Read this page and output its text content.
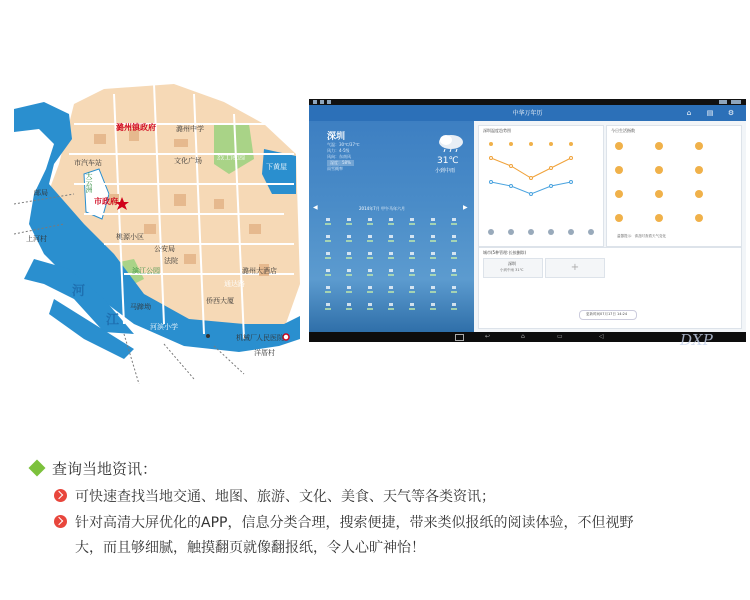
潞州镇政府	潞州中学
文化广场 烈士陵园
下黄屋
市汽车站
市政府
大云洲
上河村
邮局
公安局
法院
河
江
马蹄坳
潞州大酒店
滨江公园
河滨小学
机械厂 人民医院
洋厝村
侨西大厦
桃源小区
通达路
中华万年历	⌂ ▤ ⚙
深圳
气温：30℃/37℃
风力：4-5级
风向：东南风
湿度：58%
雨雪概率
31℃
小到中雨
◀	2014年7月 甲午马年六月	▶
深圳温度趋势图	今日生活指数
温馨提示：请及时查看天气变化
城市(5种管理:长按删除)
深圳
小到中雨 31℃	+
更新时间07月17日 14:24
↩	⌂	▭	◁	DXP
查询当地资讯：
可快速查找当地交通、地图、旅游、文化、美食、天气等各类资讯；
针对高清大屏优化的APP，信息分类合理，搜索便捷，带来类似报纸的阅读体验，不但视野
大，而且够细腻，触摸翻页就像翻报纸，令人心旷神怡！
